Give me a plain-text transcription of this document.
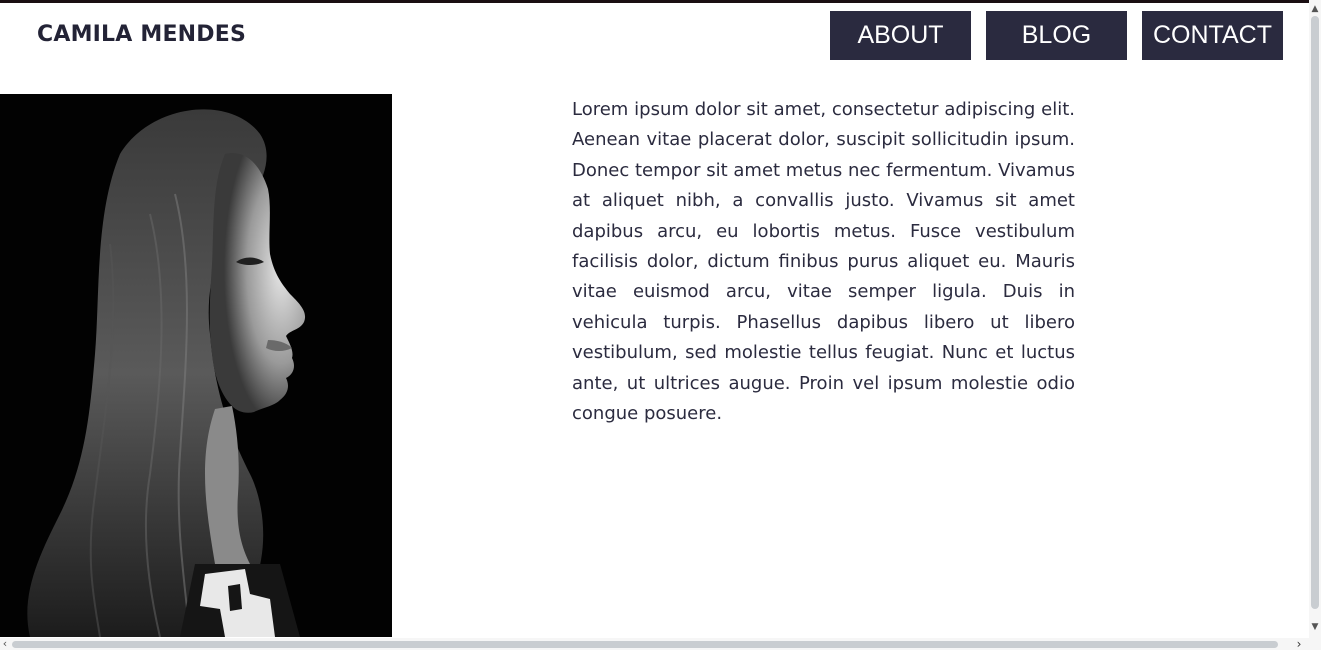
CAMILA MENDES	ABOUT	BLOG	CONTACT

Lorem ipsum dolor sit amet, consectetur adipiscing elit. Aenean vitae placerat dolor, suscipit sollicitudin ipsum. Donec tempor sit amet metus nec fermentum. Vivamus at aliquet nibh, a convallis justo. Vivamus sit amet dapibus arcu, eu lobortis metus. Fusce vestibulum facilisis dolor, dictum finibus purus aliquet eu. Mauris vitae euismod arcu, vitae semper ligula. Duis in vehicula turpis. Phasellus dapibus libero ut libero vestibulum, sed molestie tellus feugiat. Nunc et luctus ante, ut ultrices augue. Proin vel ipsum molestie odio congue posuere.

▲
▼
‹	›
